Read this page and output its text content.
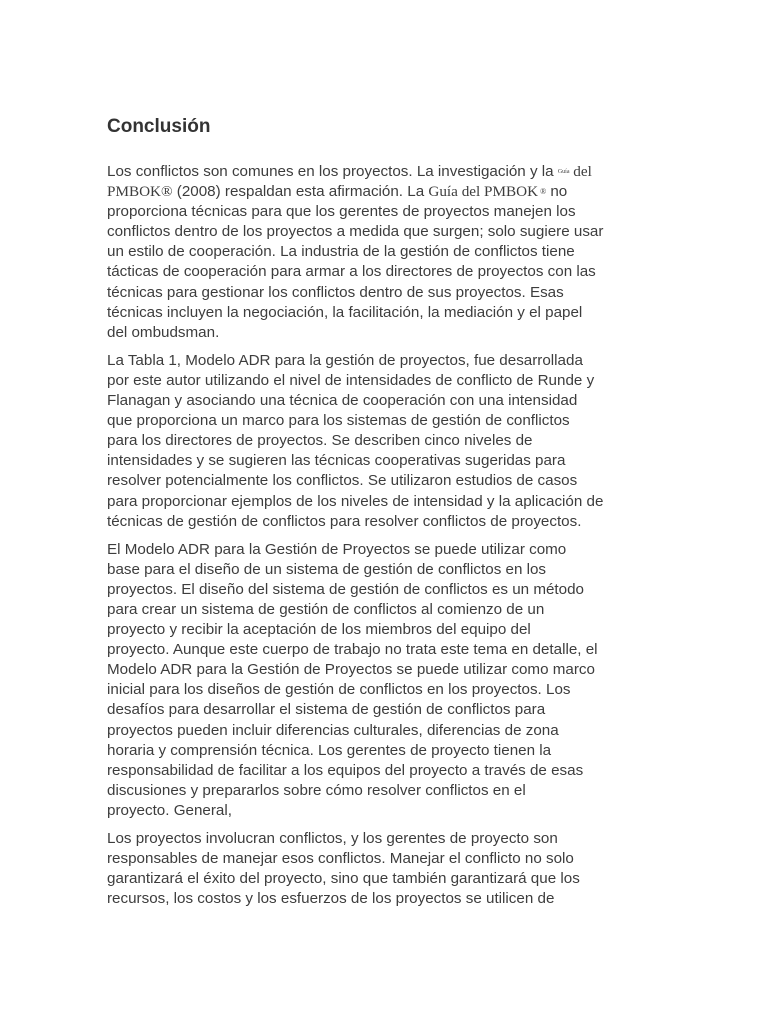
Conclusión
Los conflictos son comunes en los proyectos. La investigación y la $^{Guía}$ del
PMBOK® (2008) respaldan esta afirmación. La Guía del PMBOK ® no
proporciona técnicas para que los gerentes de proyectos manejen los
conflictos dentro de los proyectos a medida que surgen; solo sugiere usar
un estilo de cooperación. La industria de la gestión de conflictos tiene
tácticas de cooperación para armar a los directores de proyectos con las
técnicas para gestionar los conflictos dentro de sus proyectos. Esas
técnicas incluyen la negociación, la facilitación, la mediación y el papel
del ombudsman.
La Tabla 1, Modelo ADR para la gestión de proyectos, fue desarrollada
por este autor utilizando el nivel de intensidades de conflicto de Runde y
Flanagan y asociando una técnica de cooperación con una intensidad
que proporciona un marco para los sistemas de gestión de conflictos
para los directores de proyectos. Se describen cinco niveles de
intensidades y se sugieren las técnicas cooperativas sugeridas para
resolver potencialmente los conflictos. Se utilizaron estudios de casos
para proporcionar ejemplos de los niveles de intensidad y la aplicación de
técnicas de gestión de conflictos para resolver conflictos de proyectos.
El Modelo ADR para la Gestión de Proyectos se puede utilizar como
base para el diseño de un sistema de gestión de conflictos en los
proyectos. El diseño del sistema de gestión de conflictos es un método
para crear un sistema de gestión de conflictos al comienzo de un
proyecto y recibir la aceptación de los miembros del equipo del
proyecto. Aunque este cuerpo de trabajo no trata este tema en detalle, el
Modelo ADR para la Gestión de Proyectos se puede utilizar como marco
inicial para los diseños de gestión de conflictos en los proyectos. Los
desafíos para desarrollar el sistema de gestión de conflictos para
proyectos pueden incluir diferencias culturales, diferencias de zona
horaria y comprensión técnica. Los gerentes de proyecto tienen la
responsabilidad de facilitar a los equipos del proyecto a través de esas
discusiones y prepararlos sobre cómo resolver conflictos en el
proyecto. General,
Los proyectos involucran conflictos, y los gerentes de proyecto son
responsables de manejar esos conflictos. Manejar el conflicto no solo
garantizará el éxito del proyecto, sino que también garantizará que los
recursos, los costos y los esfuerzos de los proyectos se utilicen de
